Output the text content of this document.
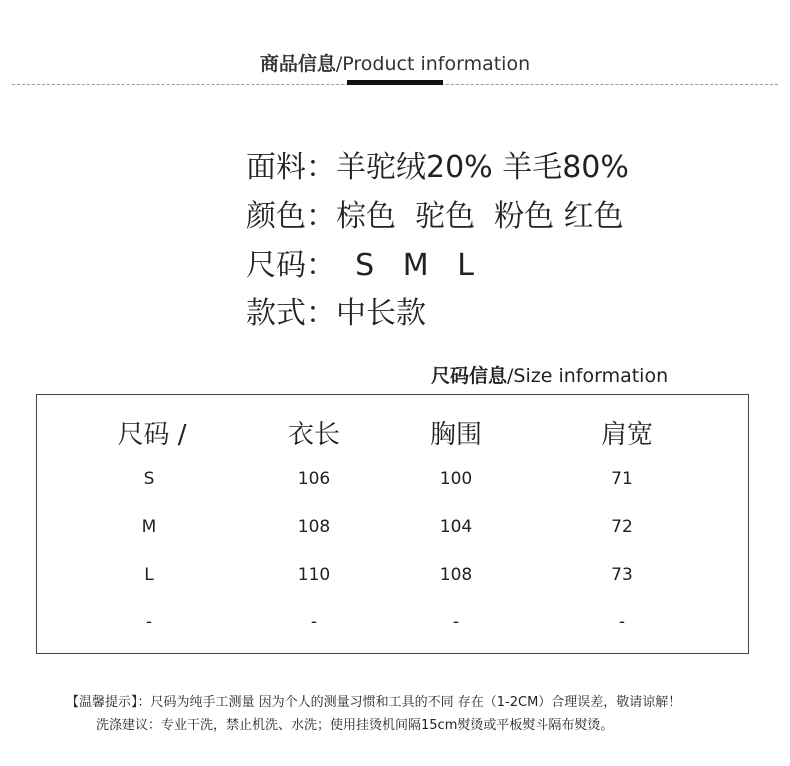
商品信息/Product information
面料：羊驼绒20% 羊毛80%
颜色：棕色  驼色  粉色 红色
尺码：  S   M   L
款式：中长款
尺码信息/Size information
尺码 /	衣长	胸围	肩宽
S	106	100	71
M	108	104	72
L	110	108	73
-	-	-	-
【温馨提示】：尺码为纯手工测量 因为个人的测量习惯和工具的不同 存在（1-2CM）合理误差，敬请谅解！
洗涤建议：专业干洗，禁止机洗、水洗；使用挂烫机间隔15cm熨烫或平板熨斗隔布熨烫。
